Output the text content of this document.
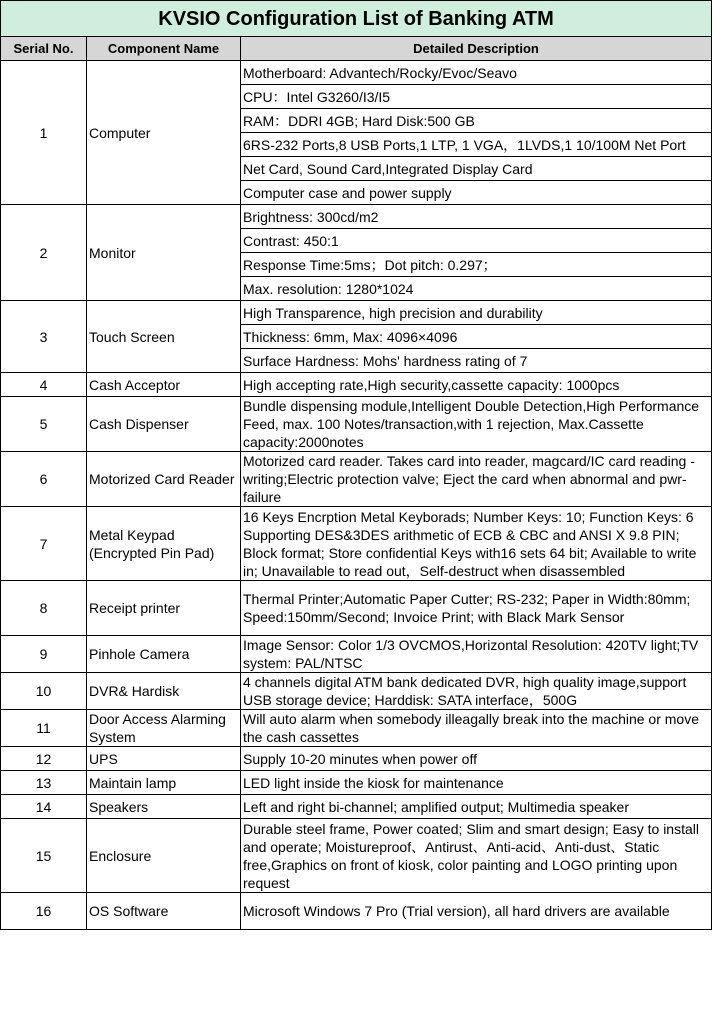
KVSIO Configuration List of Banking ATM		
Serial No.	Component Name	Detailed Description
1	Computer	Motherboard: Advantech/Rocky/Evoc/Seavo
		CPU：Intel G3260/I3/I5
		RAM：DDRI 4GB; Hard Disk:500 GB
		6RS-232 Ports,8 USB Ports,1 LTP, 1 VGA，1LVDS,1 10/100M Net Port
		Net Card, Sound Card,Integrated Display Card
		Computer case and power supply
2	Monitor	Brightness: 300cd/m2
		Contrast: 450:1
		Response Time:5ms；Dot pitch: 0.297；
		Max. resolution: 1280*1024
3	Touch Screen	High Transparence, high precision and durability
		Thickness: 6mm, Max: 4096×4096
		Surface Hardness: Mohs' hardness rating of 7
4	Cash Acceptor	High accepting rate,High security,cassette capacity: 1000pcs
5	Cash Dispenser	Bundle dispensing module,Intelligent Double Detection,High Performance Feed, max. 100 Notes/transaction,with 1 rejection, Max.Cassette capacity:2000notes
6	Motorized Card Reader	Motorized card reader. Takes card into reader, magcard/IC card reading - writing;Electric protection valve; Eject the card when abnormal and pwr-failure
7	Metal Keypad (Encrypted Pin Pad)	16 Keys Encrption Metal Keyborads; Number Keys: 10; Function Keys: 6 Supporting DES&3DES arithmetic of ECB & CBC and ANSI X 9.8 PIN; Block format; Store confidential Keys with16 sets 64 bit; Available to write in; Unavailable to read out，Self-destruct when disassembled
8	Receipt printer	Thermal Printer;Automatic Paper Cutter; RS-232; Paper in Width:80mm; Speed:150mm/Second; Invoice Print; with Black Mark Sensor
9	Pinhole Camera	Image Sensor: Color 1/3 OVCMOS,Horizontal Resolution: 420TV light;TV system: PAL/NTSC
10	DVR& Hardisk	4 channels digital ATM bank dedicated DVR, high quality image,support USB storage device; Harddisk: SATA interface，500G
11	Door Access Alarming System	Will auto alarm when somebody illeagally break into the machine or move the cash cassettes
12	UPS	Supply 10-20 minutes when power off
13	Maintain lamp	LED light inside the kiosk for maintenance
14	Speakers	Left and right bi-channel; amplified output; Multimedia speaker
15	Enclosure	Durable steel frame, Power coated; Slim and smart design; Easy to install and operate; Moistureproof、Antirust、Anti-acid、Anti-dust、Static free,Graphics on front of kiosk, color painting and LOGO printing upon request
16	OS Software	Microsoft Windows 7 Pro (Trial version), all hard drivers are available
